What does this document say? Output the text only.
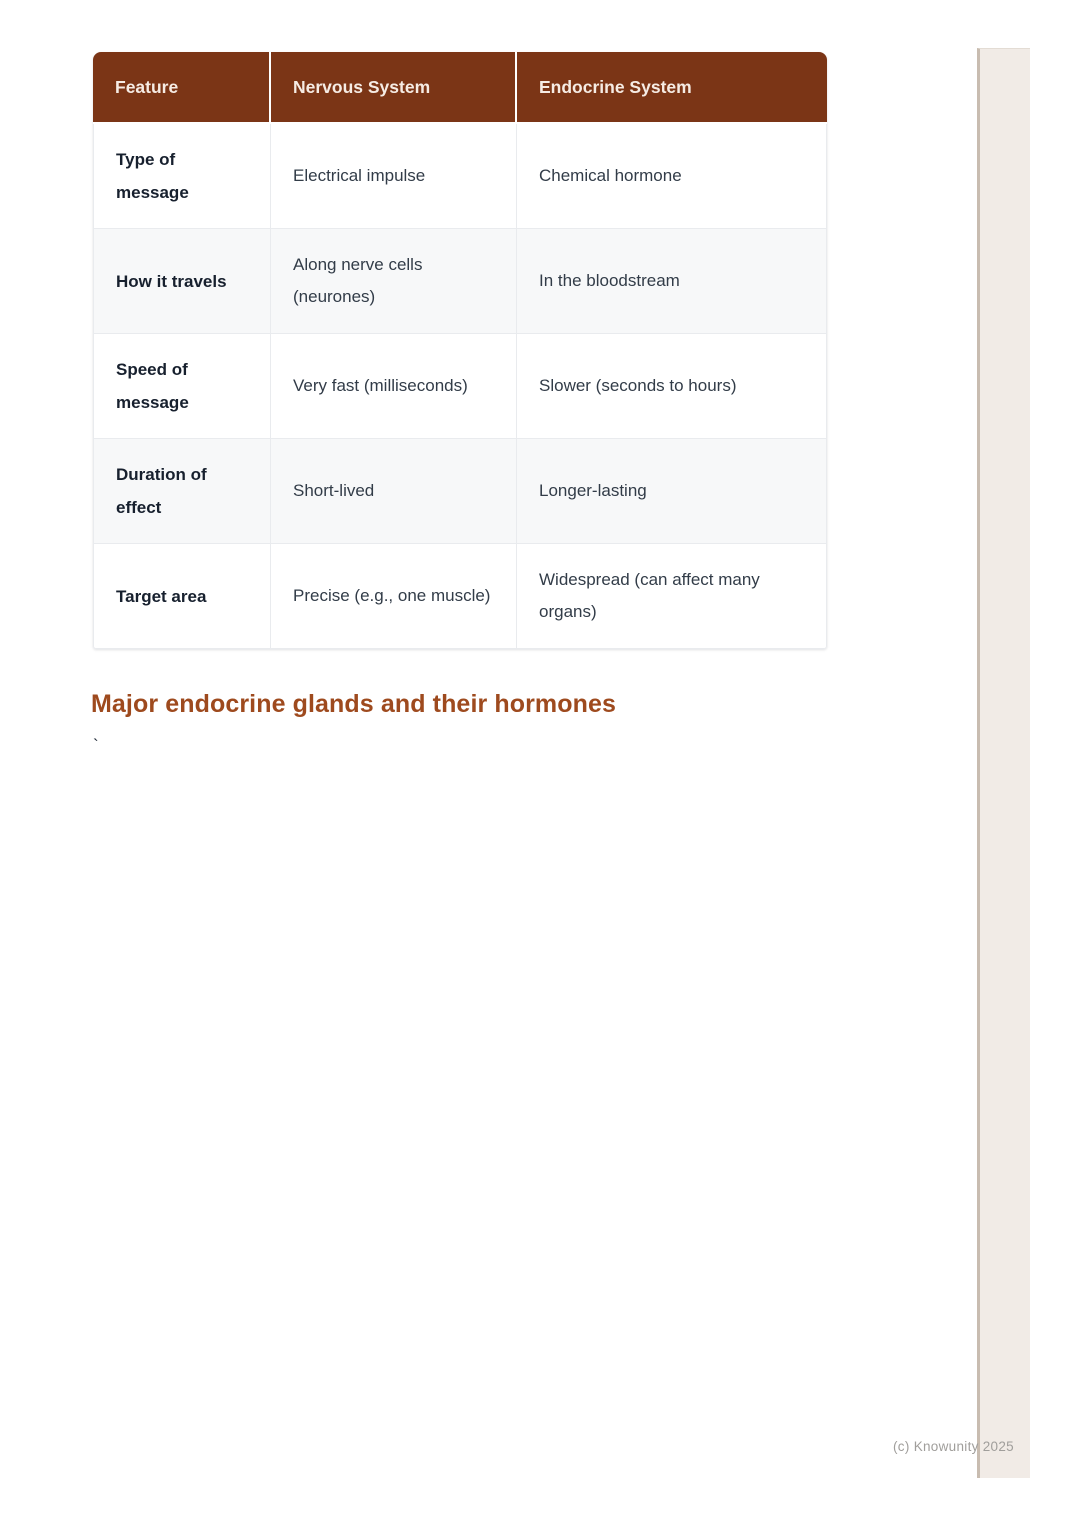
Feature	Nervous System	Endocrine System
Type of message	Electrical impulse	Chemical hormone
How it travels	Along nerve cells (neurones)	In the bloodstream
Speed of message	Very fast (milliseconds)	Slower (seconds to hours)
Duration of effect	Short-lived	Longer-lasting
Target area	Precise (e.g., one muscle)	Widespread (can affect many organs)
Major endocrine glands and their hormones
`
(c) Knowunity 2025
